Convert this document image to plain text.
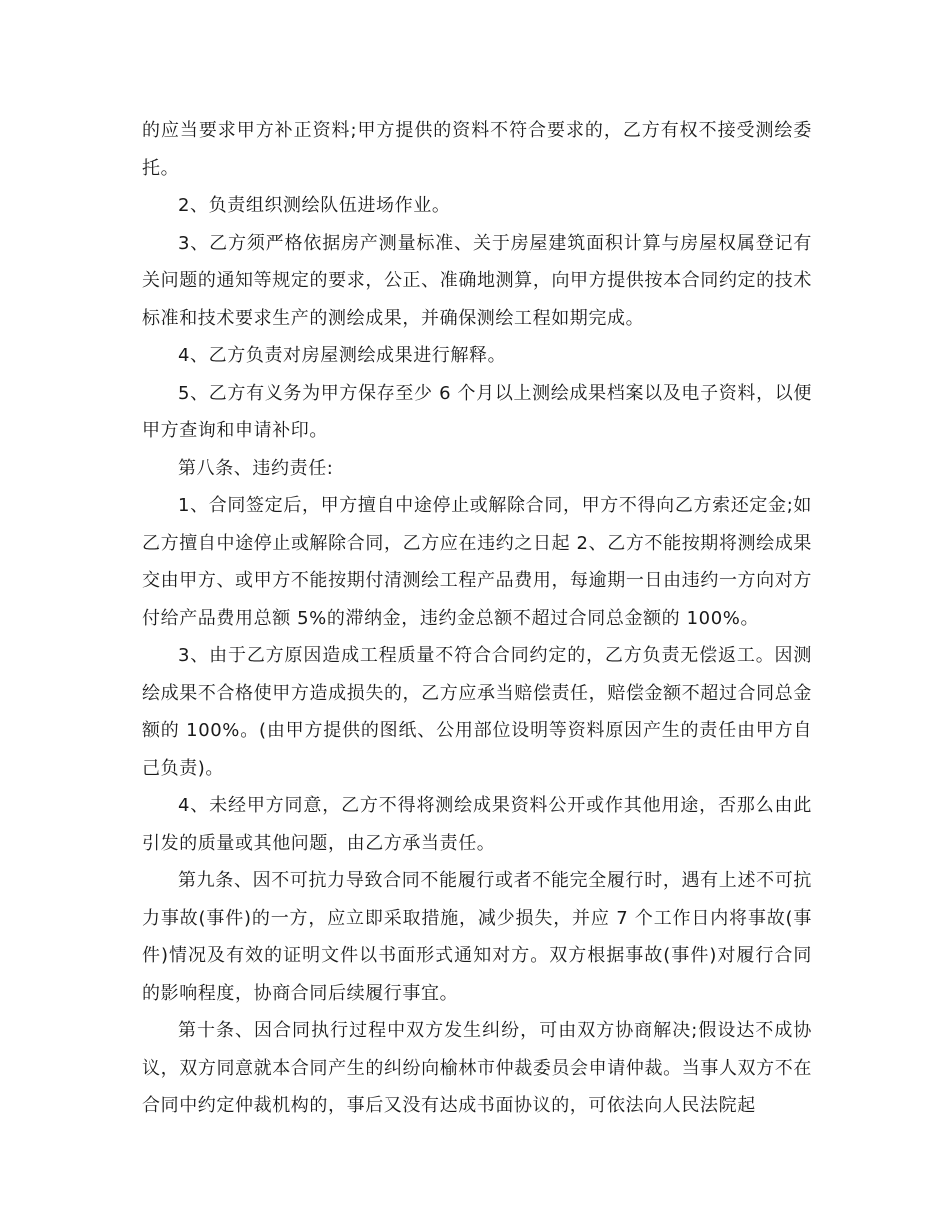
的应当要求甲方补正资料;甲方提供的资料不符合要求的，乙方有权不接受测绘委托。

2、负责组织测绘队伍进场作业。

3、乙方须严格依据房产测量标准、关于房屋建筑面积计算与房屋权属登记有关问题的通知等规定的要求，公正、准确地测算，向甲方提供按本合同约定的技术标准和技术要求生产的测绘成果，并确保测绘工程如期完成。

4、乙方负责对房屋测绘成果进行解释。

5、乙方有义务为甲方保存至少 6 个月以上测绘成果档案以及电子资料，以便甲方查询和申请补印。

第八条、违约责任:

1、合同签定后，甲方擅自中途停止或解除合同，甲方不得向乙方索还定金;如乙方擅自中途停止或解除合同，乙方应在违约之日起 2、乙方不能按期将测绘成果交由甲方、或甲方不能按期付清测绘工程产品费用，每逾期一日由违约一方向对方付给产品费用总额 5%的滞纳金，违约金总额不超过合同总金额的 100%。

3、由于乙方原因造成工程质量不符合合同约定的，乙方负责无偿返工。因测绘成果不合格使甲方造成损失的，乙方应承当赔偿责任，赔偿金额不超过合同总金额的 100%。(由甲方提供的图纸、公用部位设明等资料原因产生的责任由甲方自己负责)。

4、未经甲方同意，乙方不得将测绘成果资料公开或作其他用途，否那么由此引发的质量或其他问题，由乙方承当责任。

第九条、因不可抗力导致合同不能履行或者不能完全履行时，遇有上述不可抗力事故(事件)的一方，应立即采取措施，减少损失，并应 7 个工作日内将事故(事件)情况及有效的证明文件以书面形式通知对方。双方根据事故(事件)对履行合同的影响程度，协商合同后续履行事宜。

第十条、因合同执行过程中双方发生纠纷，可由双方协商解决;假设达不成协议，双方同意就本合同产生的纠纷向榆林市仲裁委员会申请仲裁。当事人双方不在合同中约定仲裁机构的，事后又没有达成书面协议的，可依法向人民法院起
